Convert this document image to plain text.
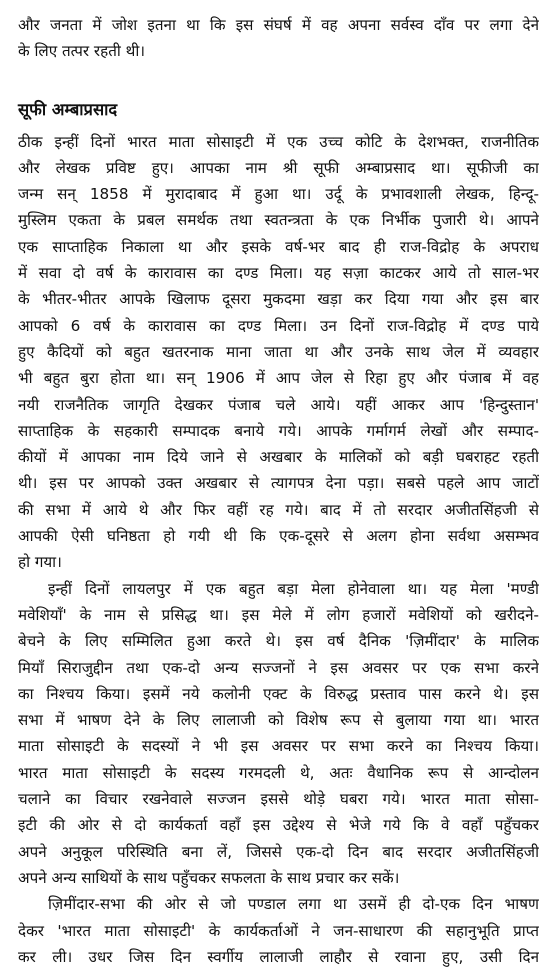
और जनता में जोश इतना था कि इस संघर्ष में वह अपना सर्वस्व दाँव पर लगा देने
के लिए तत्पर रहती थी।
सूफी अम्बाप्रसाद
ठीक इन्हीं दिनों भारत माता सोसाइटी में एक उच्च कोटि के देशभक्त, राजनीतिक
और लेखक प्रविष्ट हुए। आपका नाम श्री सूफी अम्बाप्रसाद था। सूफीजी का
जन्म सन् 1858 में मुरादाबाद में हुआ था। उर्दू के प्रभावशाली लेखक, हिन्दू-
मुस्लिम एकता के प्रबल समर्थक तथा स्वतन्त्रता के एक निर्भीक पुजारी थे। आपने
एक साप्ताहिक निकाला था और इसके वर्ष-भर बाद ही राज-विद्रोह के अपराध
में सवा दो वर्ष के कारावास का दण्ड मिला। यह सज़ा काटकर आये तो साल-भर
के भीतर-भीतर आपके खिलाफ दूसरा मुकदमा खड़ा कर दिया गया और इस बार
आपको 6 वर्ष के कारावास का दण्ड मिला। उन दिनों राज-विद्रोह में दण्ड पाये
हुए कैदियों को बहुत खतरनाक माना जाता था और उनके साथ जेल में व्यवहार
भी बहुत बुरा होता था। सन् 1906 में आप जेल से रिहा हुए और पंजाब में वह
नयी राजनैतिक जागृति देखकर पंजाब चले आये। यहीं आकर आप 'हिन्दुस्तान'
साप्ताहिक के सहकारी सम्पादक बनाये गये। आपके गर्मागर्म लेखों और सम्पाद-
कीयों में आपका नाम दिये जाने से अखबार के मालिकों को बड़ी घबराहट रहती
थी। इस पर आपको उक्त अखबार से त्यागपत्र देना पड़ा। सबसे पहले आप जाटों
की सभा में आये थे और फिर वहीं रह गये। बाद में तो सरदार अजीतसिंहजी से
आपकी ऐसी घनिष्ठता हो गयी थी कि एक-दूसरे से अलग होना सर्वथा असम्भव
हो गया।
इन्हीं दिनों लायलपुर में एक बहुत बड़ा मेला होनेवाला था। यह मेला 'मण्डी
मवेशियाँ' के नाम से प्रसिद्ध था। इस मेले में लोग हजारों मवेशियों को खरीदने-
बेचने के लिए सम्मिलित हुआ करते थे। इस वर्ष दैनिक 'ज़िमींदार' के मालिक
मियाँ सिराजुद्दीन तथा एक-दो अन्य सज्जनों ने इस अवसर पर एक सभा करने
का निश्चय किया। इसमें नये कलोनी एक्ट के विरुद्ध प्रस्ताव पास करने थे। इस
सभा में भाषण देने के लिए लालाजी को विशेष रूप से बुलाया गया था। भारत
माता सोसाइटी के सदस्यों ने भी इस अवसर पर सभा करने का निश्चय किया।
भारत माता सोसाइटी के सदस्य गरमदली थे, अतः वैधानिक रूप से आन्दोलन
चलाने का विचार रखनेवाले सज्जन इससे थोड़े घबरा गये। भारत माता सोसा-
इटी की ओर से दो कार्यकर्ता वहाँ इस उद्देश्य से भेजे गये कि वे वहाँ पहुँचकर
अपने अनुकूल परिस्थिति बना लें, जिससे एक-दो दिन बाद सरदार अजीतसिंहजी
अपने अन्य साथियों के साथ पहुँचकर सफलता के साथ प्रचार कर सकें।
ज़िमींदार-सभा की ओर से जो पण्डाल लगा था उसमें ही दो-एक दिन भाषण
देकर 'भारत माता सोसाइटी' के कार्यकर्ताओं ने जन-साधारण की सहानुभूति प्राप्त
कर ली। उधर जिस दिन स्वर्गीय लालाजी लाहौर से रवाना हुए, उसी दिन
